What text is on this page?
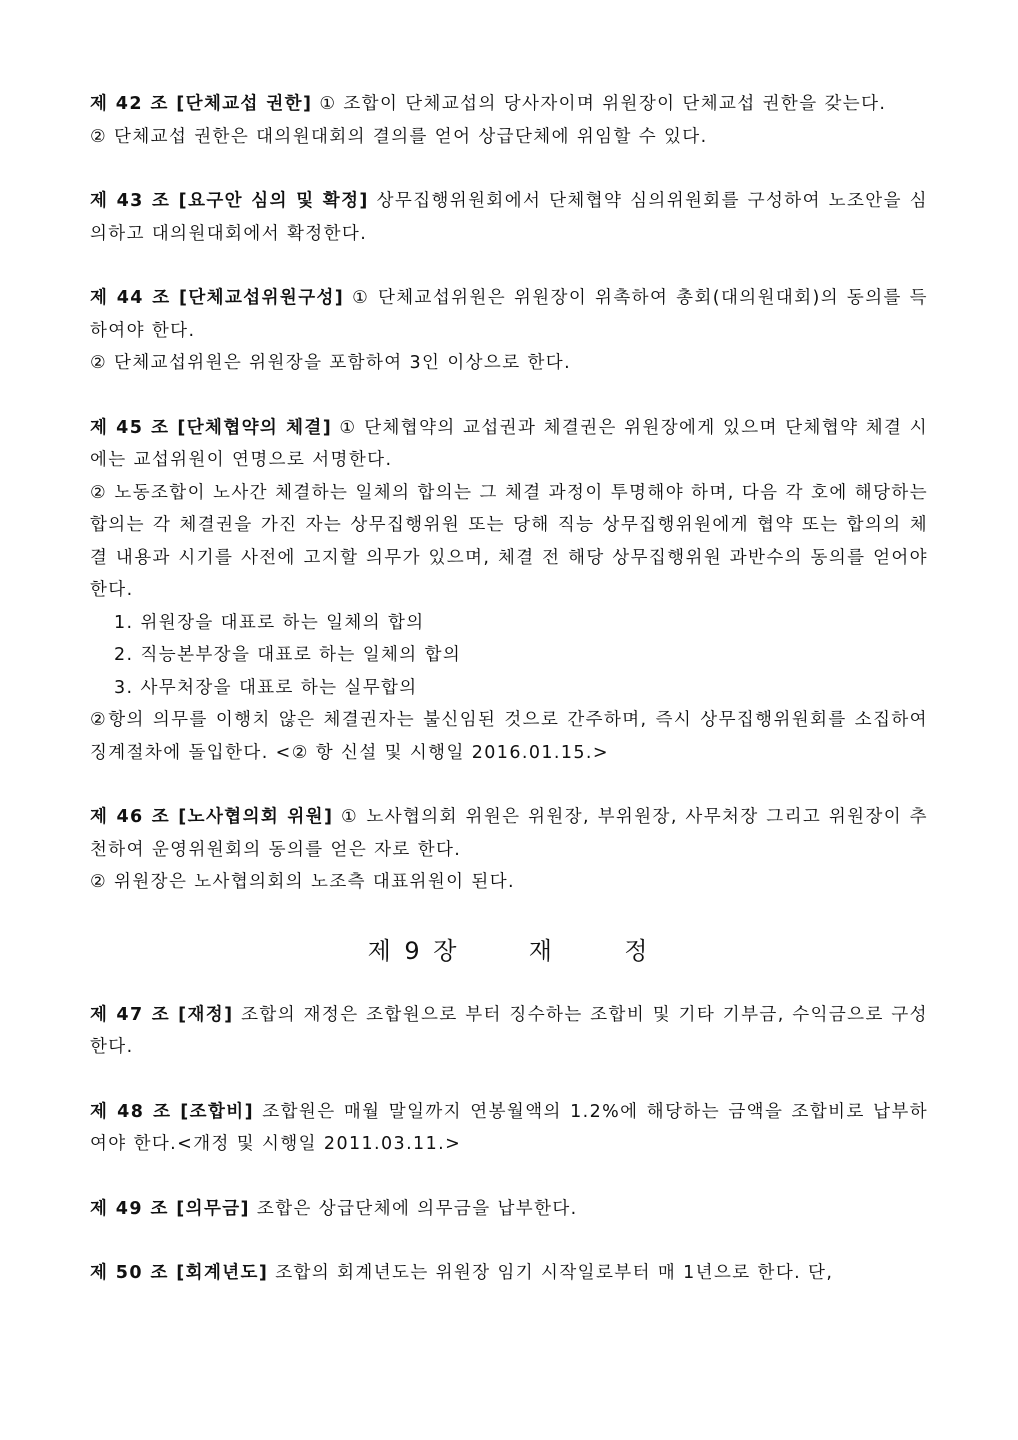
제 42 조 [단체교섭 권한] ① 조합이 단체교섭의 당사자이며 위원장이 단체교섭 권한을 갖는다.

② 단체교섭 권한은 대의원대회의 결의를 얻어 상급단체에 위임할 수 있다.

제 43 조 [요구안 심의 및 확정] 상무집행위원회에서 단체협약 심의위원회를 구성하여 노조안을 심의하고 대의원대회에서 확정한다.

제 44 조 [단체교섭위원구성] ① 단체교섭위원은 위원장이 위촉하여 총회(대의원대회)의 동의를 득하여야 한다.

② 단체교섭위원은 위원장을 포함하여 3인 이상으로 한다.

제 45 조 [단체협약의 체결] ① 단체협약의 교섭권과 체결권은 위원장에게 있으며 단체협약 체결 시에는 교섭위원이 연명으로 서명한다.

② 노동조합이 노사간 체결하는 일체의 합의는 그 체결 과정이 투명해야 하며, 다음 각 호에 해당하는 합의는 각 체결권을 가진 자는 상무집행위원 또는 당해 직능 상무집행위원에게 협약 또는 합의의 체결 내용과 시기를 사전에 고지할 의무가 있으며, 체결 전 해당 상무집행위원 과반수의 동의를 얻어야 한다.

1. 위원장을 대표로 하는 일체의 합의

2. 직능본부장을 대표로 하는 일체의 합의

3. 사무처장을 대표로 하는 실무합의

②항의 의무를 이행치 않은 체결권자는 불신임된 것으로 간주하며, 즉시 상무집행위원회를 소집하여 징계절차에 돌입한다. <② 항 신설 및 시행일 2016.01.15.>

제 46 조 [노사협의회 위원] ① 노사협의회 위원은 위원장, 부위원장, 사무처장 그리고 위원장이 추천하여 운영위원회의 동의를 얻은 자로 한다.

② 위원장은 노사협의회의 노조측 대표위원이 된다.

제 9 장	재	정

제 47 조 [재정] 조합의 재정은 조합원으로 부터 징수하는 조합비 및 기타 기부금, 수익금으로 구성한다.

제 48 조 [조합비] 조합원은 매월 말일까지 연봉월액의 1.2%에 해당하는 금액을 조합비로 납부하여야 한다.<개정 및 시행일 2011.03.11.>

제 49 조 [의무금] 조합은 상급단체에 의무금을 납부한다.

제 50 조 [회계년도] 조합의 회계년도는 위원장 임기 시작일로부터 매 1년으로 한다. 단,
